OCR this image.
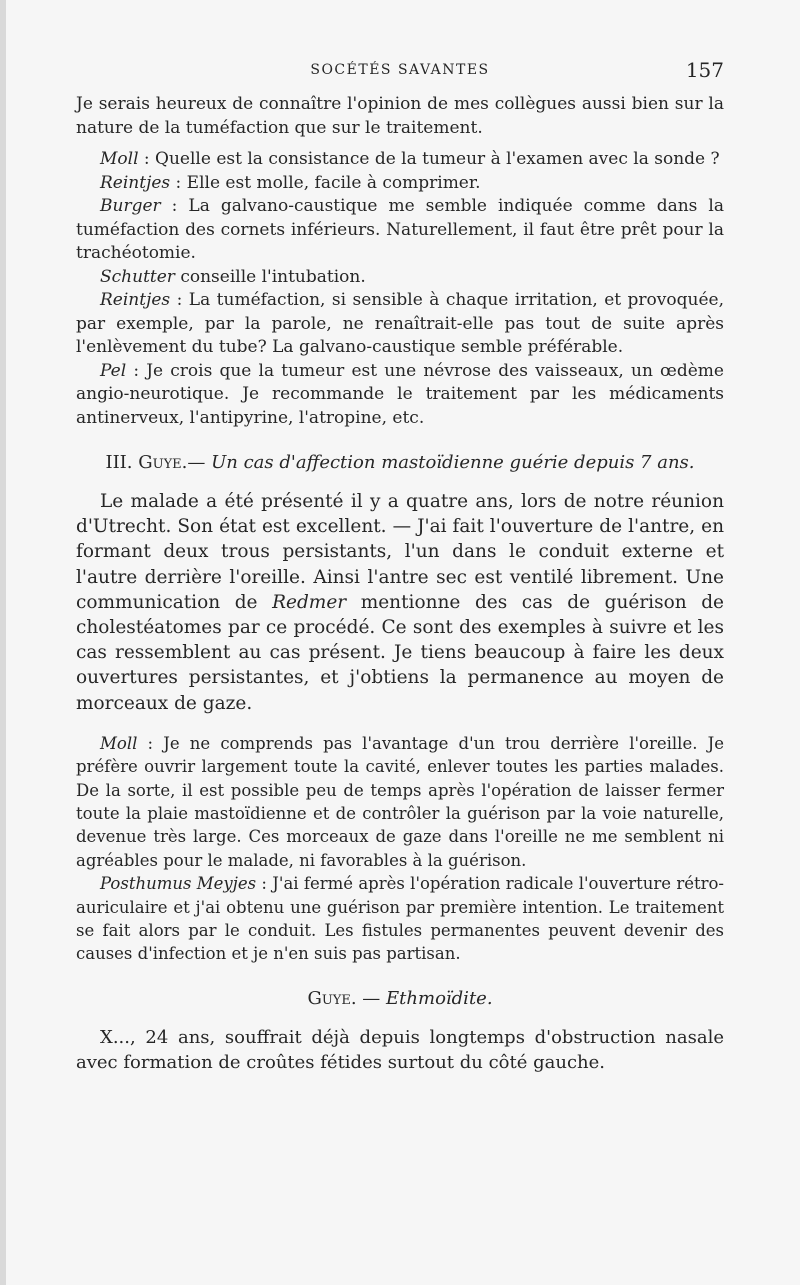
SOCÉTÉS SAVANTES	157

Je serais heureux de connaître l'opinion de mes collègues aussi bien sur la nature de la tuméfaction que sur le traitement.

Moll : Quelle est la consistance de la tumeur à l'examen avec la sonde ?

Reintjes : Elle est molle, facile à comprimer.

Burger : La galvano-caustique me semble indiquée comme dans la tuméfaction des cornets inférieurs. Naturellement, il faut être prêt pour la trachéotomie.

Schutter conseille l'intubation.

Reintjes : La tuméfaction, si sensible à chaque irritation, et provoquée, par exemple, par la parole, ne renaîtrait-elle pas tout de suite après l'enlèvement du tube? La galvano-caustique semble préférable.

Pel : Je crois que la tumeur est une névrose des vaisseaux, un œdème angio-neurotique. Je recommande le traitement par les médicaments antinerveux, l'antipyrine, l'atropine, etc.

III. Guye.— Un cas d'affection mastoïdienne guérie depuis 7 ans.

Le malade a été présenté il y a quatre ans, lors de notre réunion d'Utrecht. Son état est excellent. — J'ai fait l'ouverture de l'antre, en formant deux trous persistants, l'un dans le conduit externe et l'autre derrière l'oreille. Ainsi l'antre sec est ventilé librement. Une communication de Redmer mentionne des cas de guérison de cholestéatomes par ce procédé. Ce sont des exemples à suivre et les cas ressemblent au cas présent. Je tiens beaucoup à faire les deux ouvertures persistantes, et j'obtiens la permanence au moyen de morceaux de gaze.

Moll : Je ne comprends pas l'avantage d'un trou derrière l'oreille. Je préfère ouvrir largement toute la cavité, enlever toutes les parties malades. De la sorte, il est possible peu de temps après l'opération de laisser fermer toute la plaie mastoïdienne et de contrôler la guérison par la voie naturelle, devenue très large. Ces morceaux de gaze dans l'oreille ne me semblent ni agréables pour le malade, ni favorables à la guérison.

Posthumus Meyjes : J'ai fermé après l'opération radicale l'ouverture rétro-auriculaire et j'ai obtenu une guérison par première intention. Le traitement se fait alors par le conduit. Les fistules permanentes peuvent devenir des causes d'infection et je n'en suis pas partisan.

Guye. — Ethmoïdite.

X..., 24 ans, souffrait déjà depuis longtemps d'obstruction nasale avec formation de croûtes fétides surtout du côté gauche.
